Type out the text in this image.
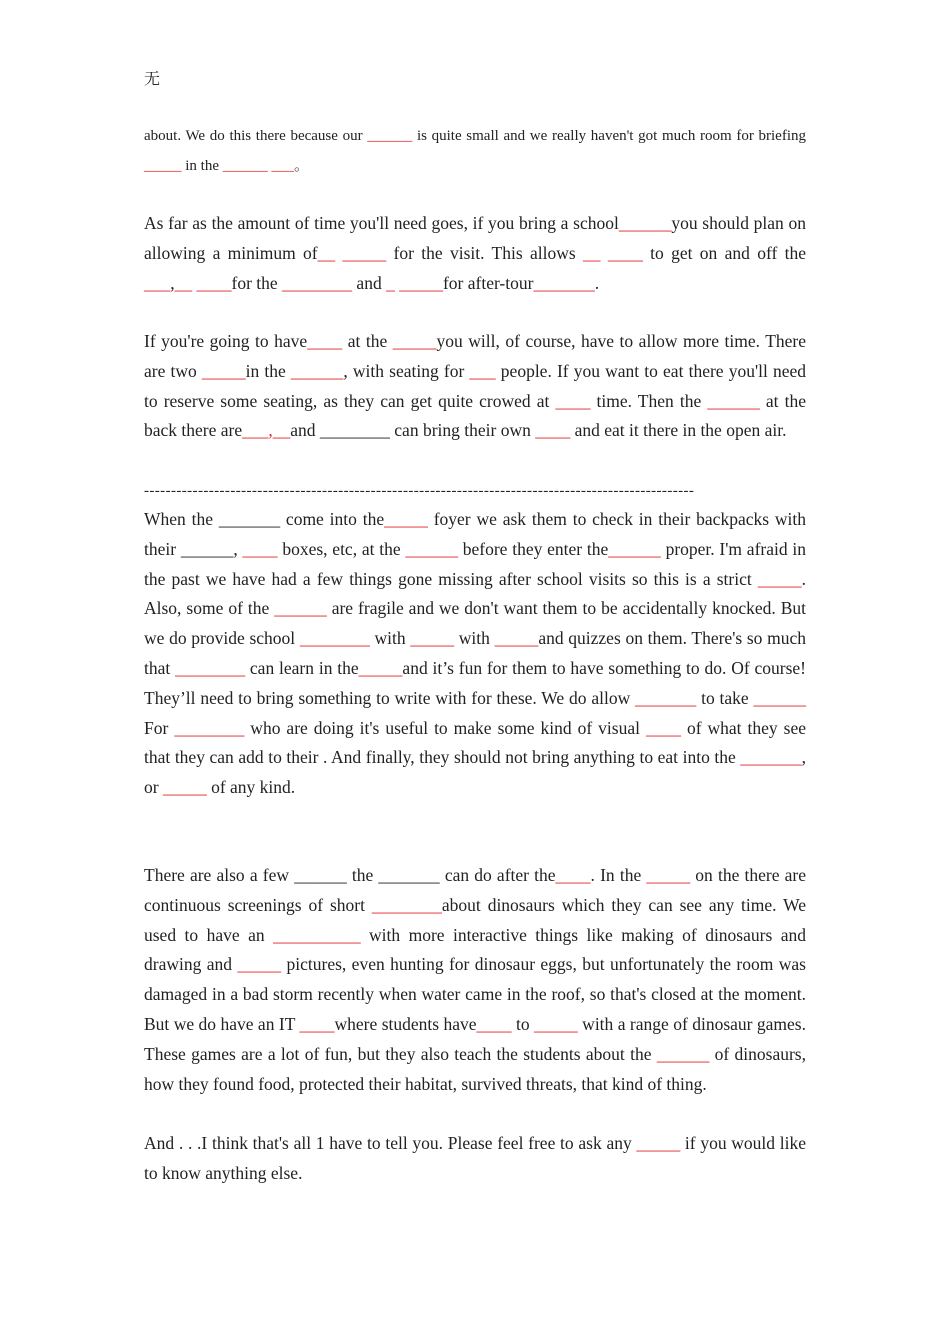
无
about. We do this there because our ______ is quite small and we really haven't got much room for briefing _____ in the ______ ___。
As far as the amount of time you'll need goes, if you bring a school______you should plan on allowing a minimum of__ _____ for the visit. This allows __ ____ to get on and off the ___,__ ____for the ________ and _ _____for after-tour_______.
If you're going to have____ at the _____you will, of course, have to allow more time. There are two _____in the ______, with seating for ___ people. If you want to eat there you'll need to reserve some seating, as they can get quite crowed at ____ time. Then the ______ at the back there are___,__and ________ can bring their own ____ and eat it there in the open air.
------------------------------------------------------------------------------------------------------
When the _______ come into the_____ foyer we ask them to check in their backpacks with their ______, ____ boxes, etc, at the ______ before they enter the______ proper. I'm afraid in the past we have had a few things gone missing after school visits so this is a strict _____. Also, some of the ______ are fragile and we don't want them to be accidentally knocked. But we do provide school ________ with _____ with _____and quizzes on them. There's so much that ________ can learn in the_____and it’s fun for them to have something to do. Of course! They’ll need to bring something to write with for these. We do allow _______ to take ______ For ________ who are doing it's useful to make some kind of visual ____ of what they see that they can add to their . And finally, they should not bring anything to eat into the _______, or _____ of any kind.
There are also a few ______ the _______ can do after the____. In the _____ on the there are continuous screenings of short ________about dinosaurs which they can see any time. We used to have an __________ with more interactive things like making of dinosaurs and drawing and _____ pictures, even hunting for dinosaur eggs, but unfortunately the room was damaged in a bad storm recently when water came in the roof, so that's closed at the moment. But we do have an IT ____where students have____ to _____ with a range of dinosaur games. These games are a lot of fun, but they also teach the students about the ______ of dinosaurs, how they found food, protected their habitat, survived threats, that kind of thing.
And . . .I think that's all 1 have to tell you. Please feel free to ask any _____ if you would like to know anything else.
